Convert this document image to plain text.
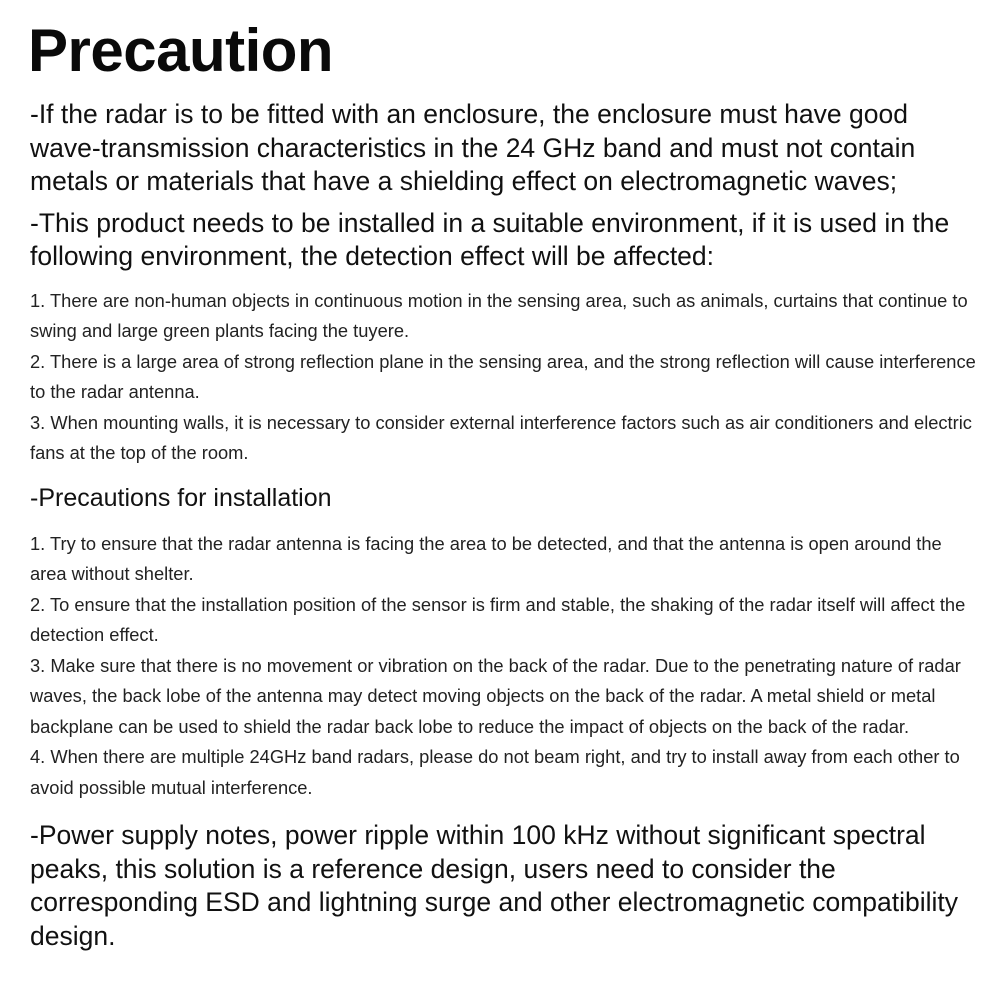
Precaution

-If the radar is to be fitted with an enclosure, the enclosure must have good wave-transmission characteristics in the 24 GHz band and must not contain metals or materials that have a shielding effect on electromagnetic waves;

-This product needs to be installed in a suitable environment, if it is used in the following environment, the detection effect will be affected:

1. There are non-human objects in continuous motion in the sensing area, such as animals, curtains that continue to swing and large green plants facing the tuyere.
2. There is a large area of strong reflection plane in the sensing area, and the strong reflection will cause interference to the radar antenna.
3. When mounting walls, it is necessary to consider external interference factors such as air conditioners and electric fans at the top of the room.

-Precautions for installation

1. Try to ensure that the radar antenna is facing the area to be detected, and that the antenna is open around the area without shelter.
2. To ensure that the installation position of the sensor is firm and stable, the shaking of the radar itself will affect the detection effect.
3. Make sure that there is no movement or vibration on the back of the radar. Due to the penetrating nature of radar waves, the back lobe of the antenna may detect moving objects on the back of the radar. A metal shield or metal backplane can be used to shield the radar back lobe to reduce the impact of objects on the back of the radar.
4. When there are multiple 24GHz band radars, please do not beam right, and try to install away from each other to avoid possible mutual interference.

-Power supply notes, power ripple within 100 kHz without significant spectral peaks, this solution is a reference design, users need to consider the corresponding ESD and lightning surge and other electromagnetic compatibility design.
